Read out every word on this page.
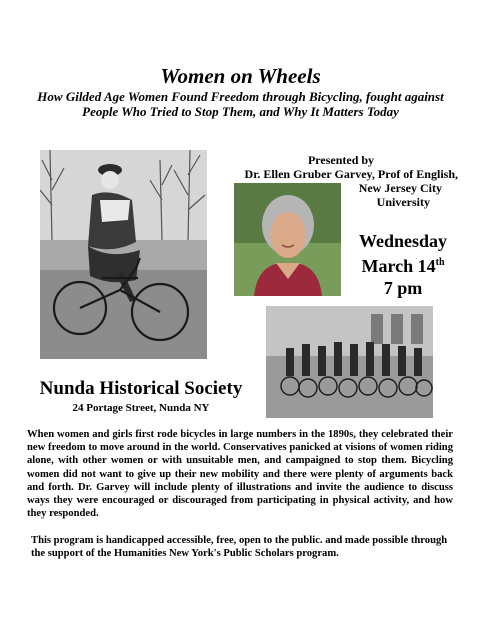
Women on Wheels
How Gilded Age Women Found Freedom through Bicycling, fought against People Who Tried to Stop Them, and Why It Matters Today
Presented by
Dr. Ellen Gruber Garvey, Prof of English,
New Jersey City
University
Wednesday
March 14th
7 pm
Nunda Historical Society
24 Portage Street, Nunda NY
When women and girls first rode bicycles in large numbers in the 1890s, they celebrated their new freedom to move around in the world. Conservatives panicked at visions of women riding alone, with other women or with unsuitable men, and campaigned to stop them. Bicycling women did not want to give up their new mobility and there were plenty of arguments back and forth. Dr. Garvey will include plenty of illustrations and invite the audience to discuss ways they were encouraged or discouraged from participating in physical activity, and how they responded.
This program is handicapped accessible, free, open to the public. and made possible through the support of the Humanities New York's Public Scholars program.
